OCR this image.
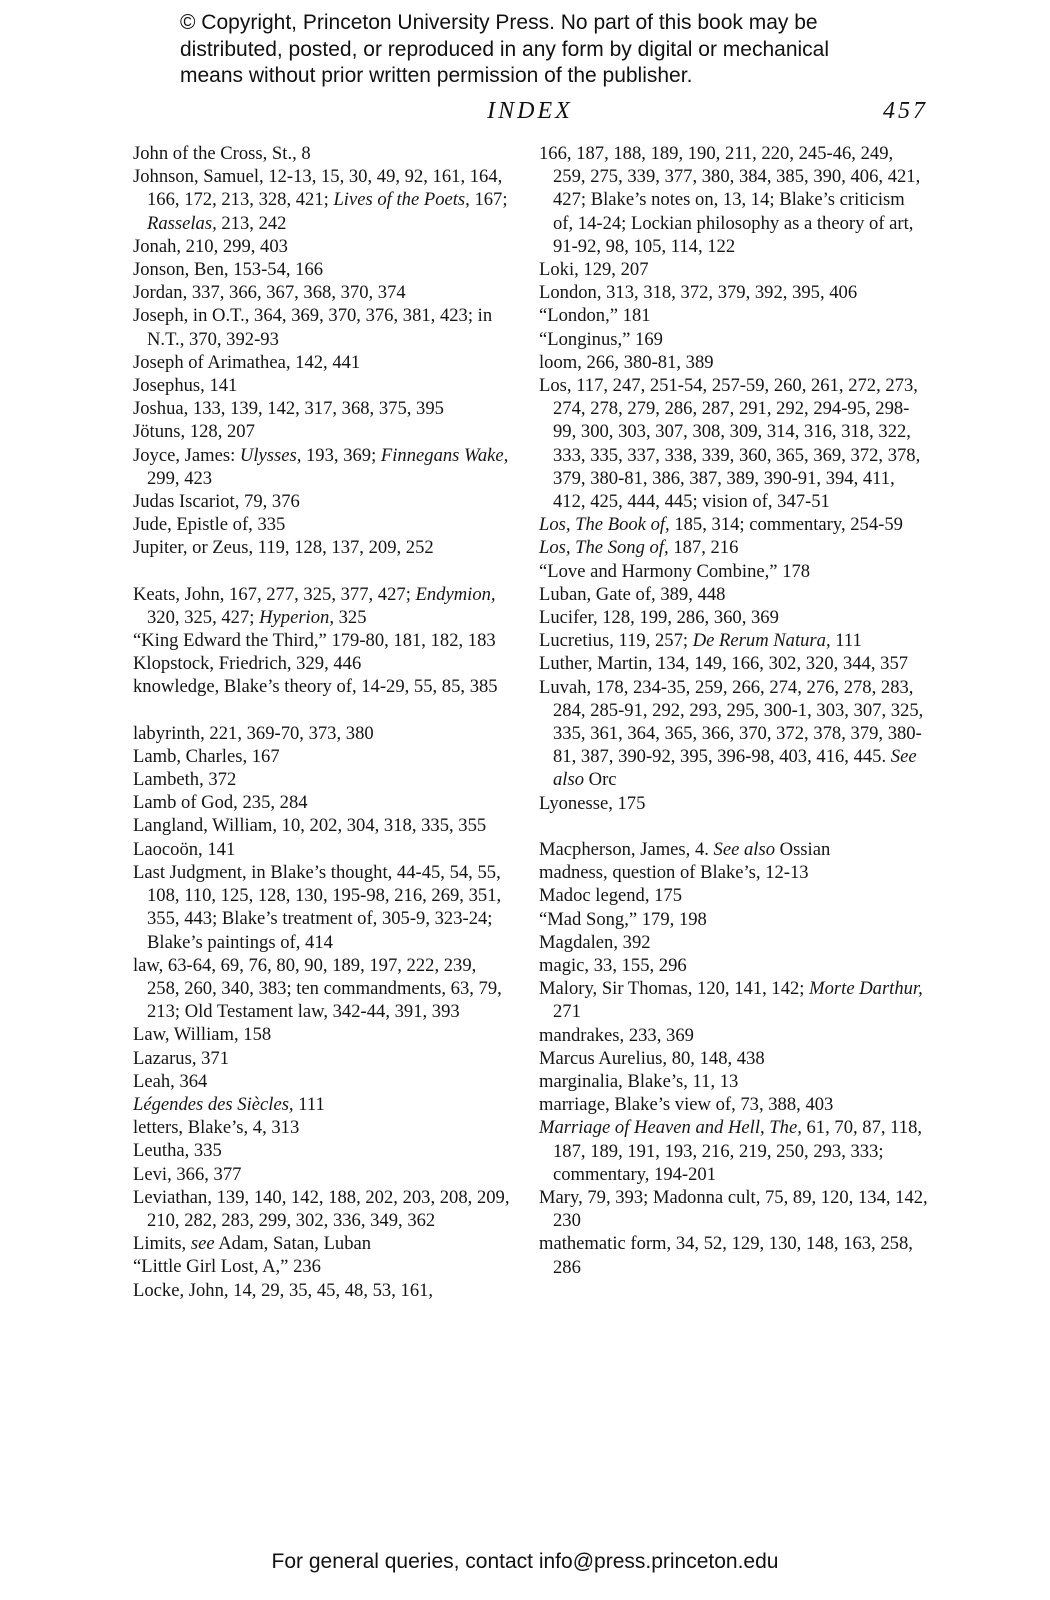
© Copyright, Princeton University Press. No part of this book may be
distributed, posted, or reproduced in any form by digital or mechanical
means without prior written permission of the publisher.
INDEX	457
John of the Cross, St., 8
Johnson, Samuel, 12-13, 15, 30, 49, 92, 161, 164, 166, 172, 213, 328, 421; Lives of the Poets, 167; Rasselas, 213, 242
Jonah, 210, 299, 403
Jonson, Ben, 153-54, 166
Jordan, 337, 366, 367, 368, 370, 374
Joseph, in O.T., 364, 369, 370, 376, 381, 423; in N.T., 370, 392-93
Joseph of Arimathea, 142, 441
Josephus, 141
Joshua, 133, 139, 142, 317, 368, 375, 395
Jötuns, 128, 207
Joyce, James: Ulysses, 193, 369; Finnegans Wake, 299, 423
Judas Iscariot, 79, 376
Jude, Epistle of, 335
Jupiter, or Zeus, 119, 128, 137, 209, 252
Keats, John, 167, 277, 325, 377, 427; Endymion, 320, 325, 427; Hyperion, 325
“King Edward the Third,” 179-80, 181, 182, 183
Klopstock, Friedrich, 329, 446
knowledge, Blake’s theory of, 14-29, 55, 85, 385
labyrinth, 221, 369-70, 373, 380
Lamb, Charles, 167
Lambeth, 372
Lamb of God, 235, 284
Langland, William, 10, 202, 304, 318, 335, 355
Laocoön, 141
Last Judgment, in Blake’s thought, 44-45, 54, 55, 108, 110, 125, 128, 130, 195-98, 216, 269, 351, 355, 443; Blake’s treatment of, 305-9, 323-24; Blake’s paintings of, 414
law, 63-64, 69, 76, 80, 90, 189, 197, 222, 239, 258, 260, 340, 383; ten commandments, 63, 79, 213; Old Testament law, 342-44, 391, 393
Law, William, 158
Lazarus, 371
Leah, 364
Légendes des Siècles, 111
letters, Blake’s, 4, 313
Leutha, 335
Levi, 366, 377
Leviathan, 139, 140, 142, 188, 202, 203, 208, 209, 210, 282, 283, 299, 302, 336, 349, 362
Limits, see Adam, Satan, Luban
“Little Girl Lost, A,” 236
Locke, John, 14, 29, 35, 45, 48, 53, 161,
166, 187, 188, 189, 190, 211, 220, 245-46, 249, 259, 275, 339, 377, 380, 384, 385, 390, 406, 421, 427; Blake’s notes on, 13, 14; Blake’s criticism of, 14-24; Lockian philosophy as a theory of art, 91-92, 98, 105, 114, 122
Loki, 129, 207
London, 313, 318, 372, 379, 392, 395, 406
“London,” 181
“Longinus,” 169
loom, 266, 380-81, 389
Los, 117, 247, 251-54, 257-59, 260, 261, 272, 273, 274, 278, 279, 286, 287, 291, 292, 294-95, 298-99, 300, 303, 307, 308, 309, 314, 316, 318, 322, 333, 335, 337, 338, 339, 360, 365, 369, 372, 378, 379, 380-81, 386, 387, 389, 390-91, 394, 411, 412, 425, 444, 445; vision of, 347-51
Los, The Book of, 185, 314; commentary, 254-59
Los, The Song of, 187, 216
“Love and Harmony Combine,” 178
Luban, Gate of, 389, 448
Lucifer, 128, 199, 286, 360, 369
Lucretius, 119, 257; De Rerum Natura, 111
Luther, Martin, 134, 149, 166, 302, 320, 344, 357
Luvah, 178, 234-35, 259, 266, 274, 276, 278, 283, 284, 285-91, 292, 293, 295, 300-1, 303, 307, 325, 335, 361, 364, 365, 366, 370, 372, 378, 379, 380-81, 387, 390-92, 395, 396-98, 403, 416, 445. See also Orc
Lyonesse, 175
Macpherson, James, 4. See also Ossian
madness, question of Blake’s, 12-13
Madoc legend, 175
“Mad Song,” 179, 198
Magdalen, 392
magic, 33, 155, 296
Malory, Sir Thomas, 120, 141, 142; Morte Darthur, 271
mandrakes, 233, 369
Marcus Aurelius, 80, 148, 438
marginalia, Blake’s, 11, 13
marriage, Blake’s view of, 73, 388, 403
Marriage of Heaven and Hell, The, 61, 70, 87, 118, 187, 189, 191, 193, 216, 219, 250, 293, 333; commentary, 194-201
Mary, 79, 393; Madonna cult, 75, 89, 120, 134, 142, 230
mathematic form, 34, 52, 129, 130, 148, 163, 258, 286
For general queries, contact info@press.princeton.edu
